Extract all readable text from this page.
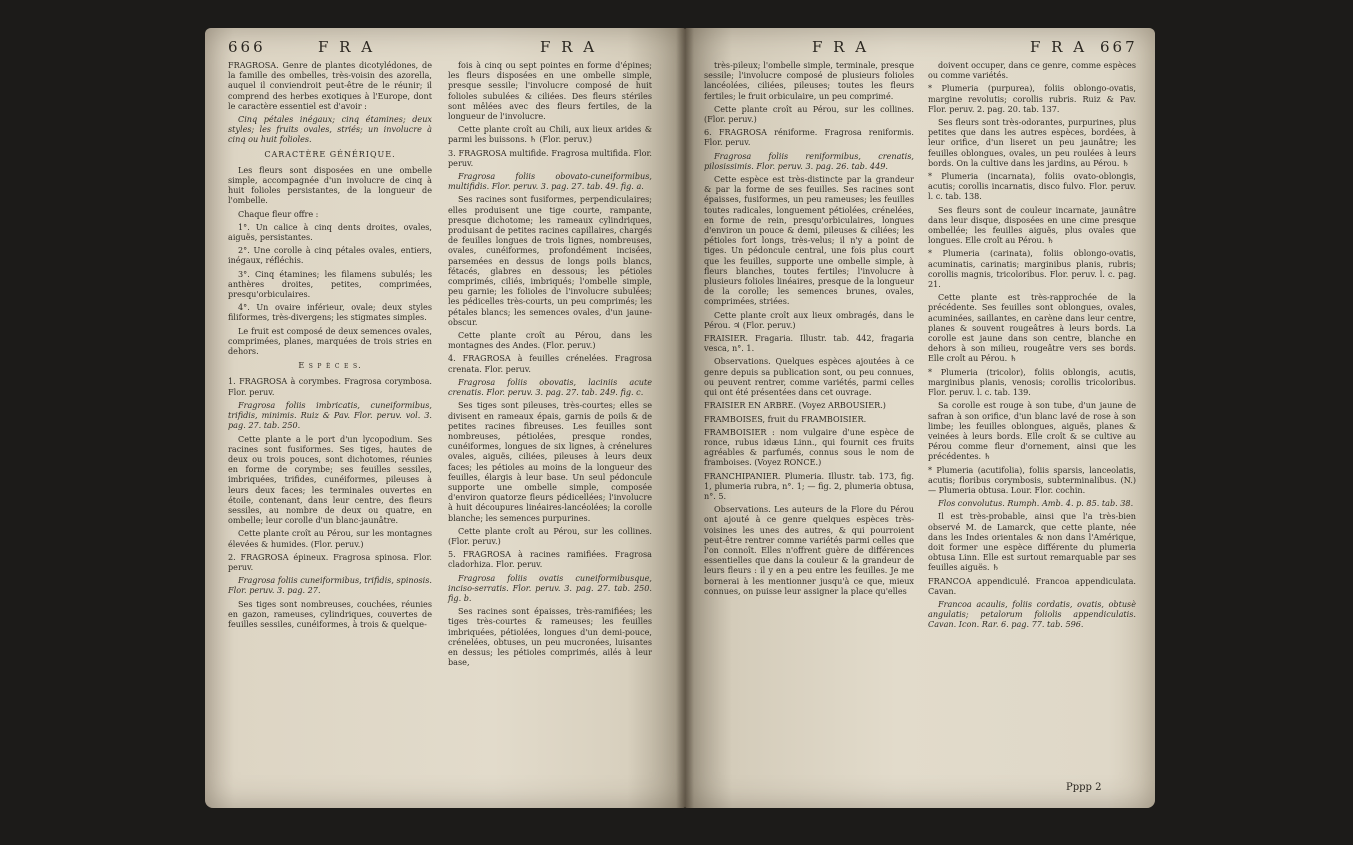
666	F R A	F R A	F R A	F R A 667

FRAGROSA. Genre de plantes dicotylédones, de la famille des ombelles, très-voisin des azorella, auquel il conviendroit peut-être de le réunir; il comprend des herbes exotiques à l'Europe, dont le caractère essentiel est d'avoir :

Cinq pétales inégaux; cinq étamines; deux styles; les fruits ovales, striés; un involucre à cinq ou huit folioles.

CARACTÈRE GÉNÉRIQUE.

Les fleurs sont disposées en une ombelle simple, accompagnée d'un involucre de cinq à huit folioles persistantes, de la longueur de l'ombelle.

Chaque fleur offre :

1°. Un calice à cinq dents droites, ovales, aiguës, persistantes.

2°. Une corolle à cinq pétales ovales, entiers, inégaux, réfléchis.

3°. Cinq étamines; les filamens subulés; les anthères droites, petites, comprimées, presqu'orbiculaires.

4°. Un ovaire inférieur, ovale; deux styles filiformes, très-divergens; les stigmates simples.

Le fruit est composé de deux semences ovales, comprimées, planes, marquées de trois stries en dehors.

E s p è c e s.

1. FRAGROSA à corymbes. Fragrosa corymbosa. Flor. peruv.

Fragrosa foliis imbricatis, cuneiformibus, trifidis, minimis. Ruiz & Pav. Flor. peruv. vol. 3. pag. 27. tab. 250.

Cette plante a le port d'un lycopodium. Ses racines sont fusiformes. Ses tiges, hautes de deux ou trois pouces, sont dichotomes, réunies en forme de corymbe; ses feuilles sessiles, imbriquées, trifides, cunéiformes, pileuses à leurs deux faces; les terminales ouvertes en étoile, contenant, dans leur centre, des fleurs sessiles, au nombre de deux ou quatre, en ombelle; leur corolle d'un blanc-jaunâtre.

Cette plante croît au Pérou, sur les montagnes élevées & humides. (Flor. peruv.)

2. FRAGROSA épineux. Fragrosa spinosa. Flor. peruv.

Fragrosa foliis cuneiformibus, trifidis, spinosis. Flor. peruv. 3. pag. 27.

Ses tiges sont nombreuses, couchées, réunies en gazon, rameuses, cylindriques, couvertes de feuilles sessiles, cunéiformes, à trois & quelque-

fois à cinq ou sept pointes en forme d'épines; les fleurs disposées en une ombelle simple, presque sessile; l'involucre composé de huit folioles subulées & ciliées. Des fleurs stériles sont mêlées avec des fleurs fertiles, de la longueur de l'involucre.

Cette plante croît au Chili, aux lieux arides & parmi les buissons. ♄ (Flor. peruv.)

3. FRAGROSA multifide. Fragrosa multifida. Flor. peruv.

Fragrosa foliis obovato-cuneiformibus, multifidis. Flor. peruv. 3. pag. 27. tab. 49. fig. a.

Ses racines sont fusiformes, perpendiculaires; elles produisent une tige courte, rampante, presque dichotome; les rameaux cylindriques, produisant de petites racines capillaires, chargés de feuilles longues de trois lignes, nombreuses, ovales, cunéiformes, profondément incisées, parsemées en dessus de longs poils blancs, fétacés, glabres en dessous; les pétioles comprimés, ciliés, imbriqués; l'ombelle simple, peu garnie; les folioles de l'involucre subulées; les pédicelles très-courts, un peu comprimés; les pétales blancs; les semences ovales, d'un jaune-obscur.

Cette plante croît au Pérou, dans les montagnes des Andes. (Flor. peruv.)

4. FRAGROSA à feuilles crénelées. Fragrosa crenata. Flor. peruv.

Fragrosa foliis obovatis, laciniis acute crenatis. Flor. peruv. 3. pag. 27. tab. 249. fig. c.

Ses tiges sont pileuses, très-courtes; elles se divisent en rameaux épais, garnis de poils & de petites racines fibreuses. Les feuilles sont nombreuses, pétiolées, presque rondes, cunéiformes, longues de six lignes, à crénelures ovales, aiguës, ciliées, pileuses à leurs deux faces; les pétioles au moins de la longueur des feuilles, élargis à leur base. Un seul pédoncule supporte une ombelle simple, composée d'environ quatorze fleurs pédicellées; l'involucre à huit découpures linéaires-lancéolées; la corolle blanche; les semences purpurines.

Cette plante croît au Pérou, sur les collines. (Flor. peruv.)

5. FRAGROSA à racines ramifiées. Fragrosa cladorhiza. Flor. peruv.

Fragrosa foliis ovatis cuneiformibusque, inciso-serratis. Flor. peruv. 3. pag. 27. tab. 250. fig. b.

Ses racines sont épaisses, très-ramifiées; les tiges très-courtes & rameuses; les feuilles imbriquées, pétiolées, longues d'un demi-pouce, crénelées, obtuses, un peu mucronées, luisantes en dessus; les pétioles comprimés, ailés à leur base,

très-pileux; l'ombelle simple, terminale, presque sessile; l'involucre composé de plusieurs folioles lancéolées, ciliées, pileuses; toutes les fleurs fertiles; le fruit orbiculaire, un peu comprimé.

Cette plante croît au Pérou, sur les collines. (Flor. peruv.)

6. FRAGROSA réniforme. Fragrosa reniformis. Flor. peruv.

Fragrosa foliis reniformibus, crenatis, pilosissimis. Flor. peruv. 3. pag. 26. tab. 449.

Cette espèce est très-distincte par la grandeur & par la forme de ses feuilles. Ses racines sont épaisses, fusiformes, un peu rameuses; les feuilles toutes radicales, longuement pétiolées, crénelées, en forme de rein, presqu'orbiculaires, longues d'environ un pouce & demi, pileuses & ciliées; les pétioles fort longs, très-velus; il n'y a point de tiges. Un pédoncule central, une fois plus court que les feuilles, supporte une ombelle simple, à fleurs blanches, toutes fertiles; l'involucre à plusieurs folioles linéaires, presque de la longueur de la corolle; les semences brunes, ovales, comprimées, striées.

Cette plante croît aux lieux ombragés, dans le Pérou. ♃ (Flor. peruv.)

FRAISIER. Fragaria. Illustr. tab. 442, fragaria vesca, n°. 1.

Observations. Quelques espèces ajoutées à ce genre depuis sa publication sont, ou peu connues, ou peuvent rentrer, comme variétés, parmi celles qui ont été présentées dans cet ouvrage.

FRAISIER EN ARBRE. (Voyez ARBOUSIER.)

FRAMBOISES, fruit du FRAMBOISIER.

FRAMBOISIER : nom vulgaire d'une espèce de ronce, rubus idæus Linn., qui fournit ces fruits agréables & parfumés, connus sous le nom de framboises. (Voyez RONCE.)

FRANCHIPANIER. Plumeria. Illustr. tab. 173, fig. 1, plumeria rubra, n°. 1; — fig. 2, plumeria obtusa, n°. 5.

Observations. Les auteurs de la Flore du Pérou ont ajouté à ce genre quelques espèces très-voisines les unes des autres, & qui pourroient peut-être rentrer comme variétés parmi celles que l'on connoît. Elles n'offrent guère de différences essentielles que dans la couleur & la grandeur de leurs fleurs : il y en a peu entre les feuilles. Je me bornerai à les mentionner jusqu'à ce que, mieux connues, on puisse leur assigner la place qu'elles

doivent occuper, dans ce genre, comme espèces ou comme variétés.

* Plumeria (purpurea), foliis oblongo-ovatis, margine revolutis; corollis rubris. Ruiz & Pav. Flor. peruv. 2. pag. 20. tab. 137.

Ses fleurs sont très-odorantes, purpurines, plus petites que dans les autres espèces, bordées, à leur orifice, d'un liseret un peu jaunâtre; les feuilles oblongues, ovales, un peu roulées à leurs bords. On la cultive dans les jardins, au Pérou. ♄

* Plumeria (incarnata), foliis ovato-oblongis, acutis; corollis incarnatis, disco fulvo. Flor. peruv. l. c. tab. 138.

Ses fleurs sont de couleur incarnate, jaunâtre dans leur disque, disposées en une cime presque ombellée; les feuilles aiguës, plus ovales que longues. Elle croît au Pérou. ♄

* Plumeria (carinata), foliis oblongo-ovatis, acuminatis, carinatis; marginibus planis, rubris; corollis magnis, tricoloribus. Flor. peruv. l. c. pag. 21.

Cette plante est très-rapprochée de la précédente. Ses feuilles sont oblongues, ovales, acuminées, saillantes, en carène dans leur centre, planes & souvent rougeâtres à leurs bords. La corolle est jaune dans son centre, blanche en dehors à son milieu, rougeâtre vers ses bords. Elle croît au Pérou. ♄

* Plumeria (tricolor), foliis oblongis, acutis, marginibus planis, venosis; corollis tricoloribus. Flor. peruv. l. c. tab. 139.

Sa corolle est rouge à son tube, d'un jaune de safran à son orifice, d'un blanc lavé de rose à son limbe; les feuilles oblongues, aiguës, planes & veinées à leurs bords. Elle croît & se cultive au Pérou comme fleur d'ornement, ainsi que les précédentes. ♄

* Plumeria (acutifolia), foliis sparsis, lanceolatis, acutis; floribus corymbosis, subterminalibus. (N.) — Plumeria obtusa. Lour. Flor. cochin.

Flos convolutus. Rumph. Amb. 4. p. 85. tab. 38.

Il est très-probable, ainsi que l'a très-bien observé M. de Lamarck, que cette plante, née dans les Indes orientales & non dans l'Amérique, doit former une espèce différente du plumeria obtusa Linn. Elle est surtout remarquable par ses feuilles aiguës. ♄

FRANCOA appendiculé. Francoa appendiculata. Cavan.

Francoa acaulis, foliis cordatis, ovatis, obtusè angulatis; petalorum foliolis appendiculatis. Cavan. Icon. Rar. 6. pag. 77. tab. 596.

Pppp 2
